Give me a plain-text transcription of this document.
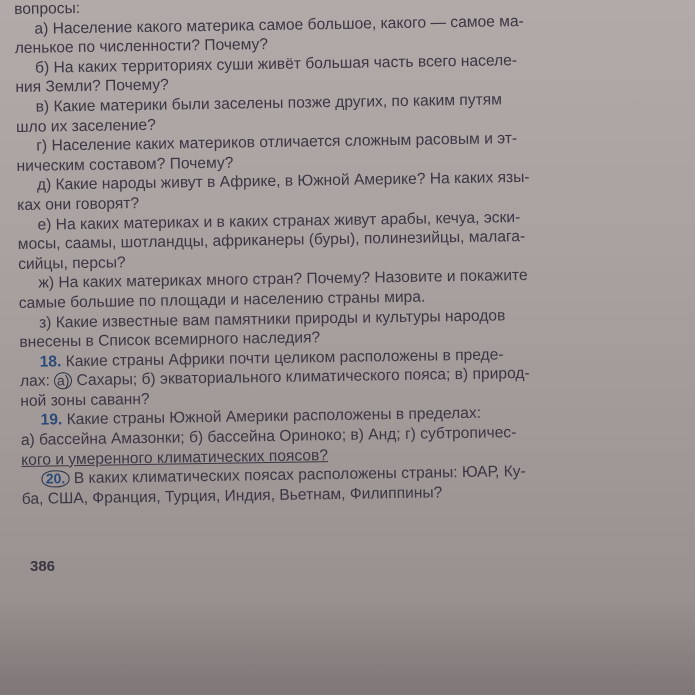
вопросы:
а) Население какого материка самое большое, какого — самое ма-
ленькое по численности? Почему?
б) На каких территориях суши живёт большая часть всего населе-
ния Земли? Почему?
в) Какие материки были заселены позже других, по каким путям
шло их заселение?
г) Население каких материков отличается сложным расовым и эт-
ническим составом? Почему?
д) Какие народы живут в Африке, в Южной Америке? На каких язы-
ках они говорят?
е) На каких материках и в каких странах живут арабы, кечуа, эски-
мосы, саамы, шотландцы, африканеры (буры), полинезийцы, малага-
сийцы, персы?
ж) На каких материках много стран? Почему? Назовите и покажите
самые большие по площади и населению страны мира.
з) Какие известные вам памятники природы и культуры народов
внесены в Список всемирного наследия?
18. Какие страны Африки почти целиком расположены в преде-
лах: а) Сахары; б) экваториального климатического пояса; в) природ-
ной зоны саванн?
19. Какие страны Южной Америки расположены в пределах:
а) бассейна Амазонки; б) бассейна Ориноко; в) Анд; г) субтропичес-
кого и умеренного климатических поясов?
20. В каких климатических поясах расположены страны: ЮАР, Ку-
ба, США, Франция, Турция, Индия, Вьетнам, Филиппины?
386
